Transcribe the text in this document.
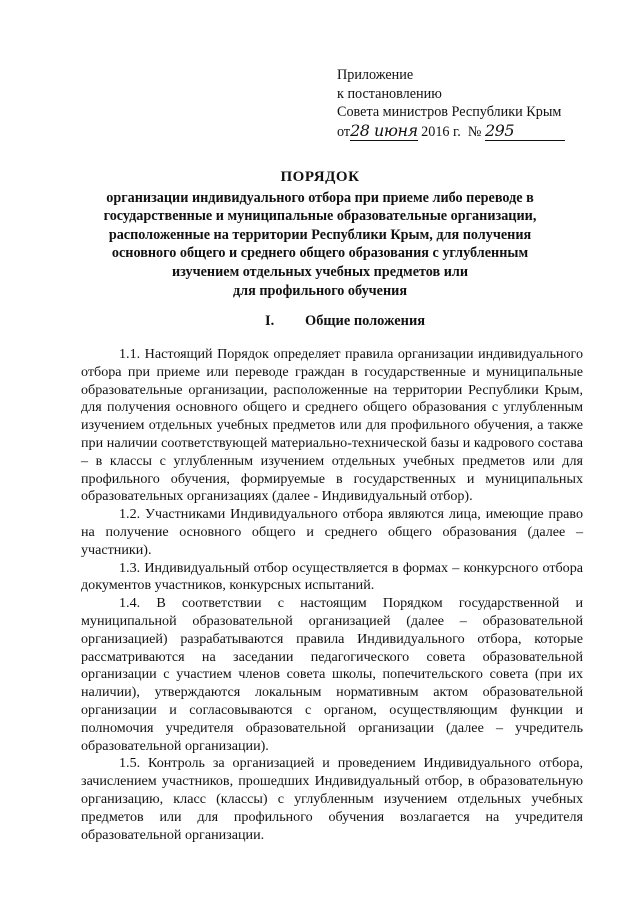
Приложение
к постановлению
Совета министров Республики Крым
от28 июня 2016 г. № 295
ПОРЯДОК
организации индивидуального отбора при приеме либо переводе в
государственные и муниципальные образовательные организации,
расположенные на территории Республики Крым, для получения
основного общего и среднего общего образования с углубленным
изучением отдельных учебных предметов или
для профильного обучения
I. Общие положения

1.1. Настоящий Порядок определяет правила организации индивидуального отбора при приеме или переводе граждан в государственные и муниципальные образовательные организации, расположенные на территории Республики Крым, для получения основного общего и среднего общего образования с углубленным изучением отдельных учебных предметов или для профильного обучения, а также при наличии соответствующей материально-технической базы и кадрового состава – в классы с углубленным изучением отдельных учебных предметов или для профильного обучения, формируемые в государственных и муниципальных образовательных организациях (далее - Индивидуальный отбор).

1.2. Участниками Индивидуального отбора являются лица, имеющие право на получение основного общего и среднего общего образования (далее – участники).

1.3. Индивидуальный отбор осуществляется в формах – конкурсного отбора документов участников, конкурсных испытаний.

1.4. В соответствии с настоящим Порядком государственной и муниципальной образовательной организацией (далее – образовательной организацией) разрабатываются правила Индивидуального отбора, которые рассматриваются на заседании педагогического совета образовательной организации с участием членов совета школы, попечительского совета (при их наличии), утверждаются локальным нормативным актом образовательной организации и согласовываются с органом, осуществляющим функции и полномочия учредителя образовательной организации (далее – учредитель образовательной организации).

1.5. Контроль за организацией и проведением Индивидуального отбора, зачислением участников, прошедших Индивидуальный отбор, в образовательную организацию, класс (классы) с углубленным изучением отдельных учебных предметов или для профильного обучения возлагается на учредителя образовательной организации.
